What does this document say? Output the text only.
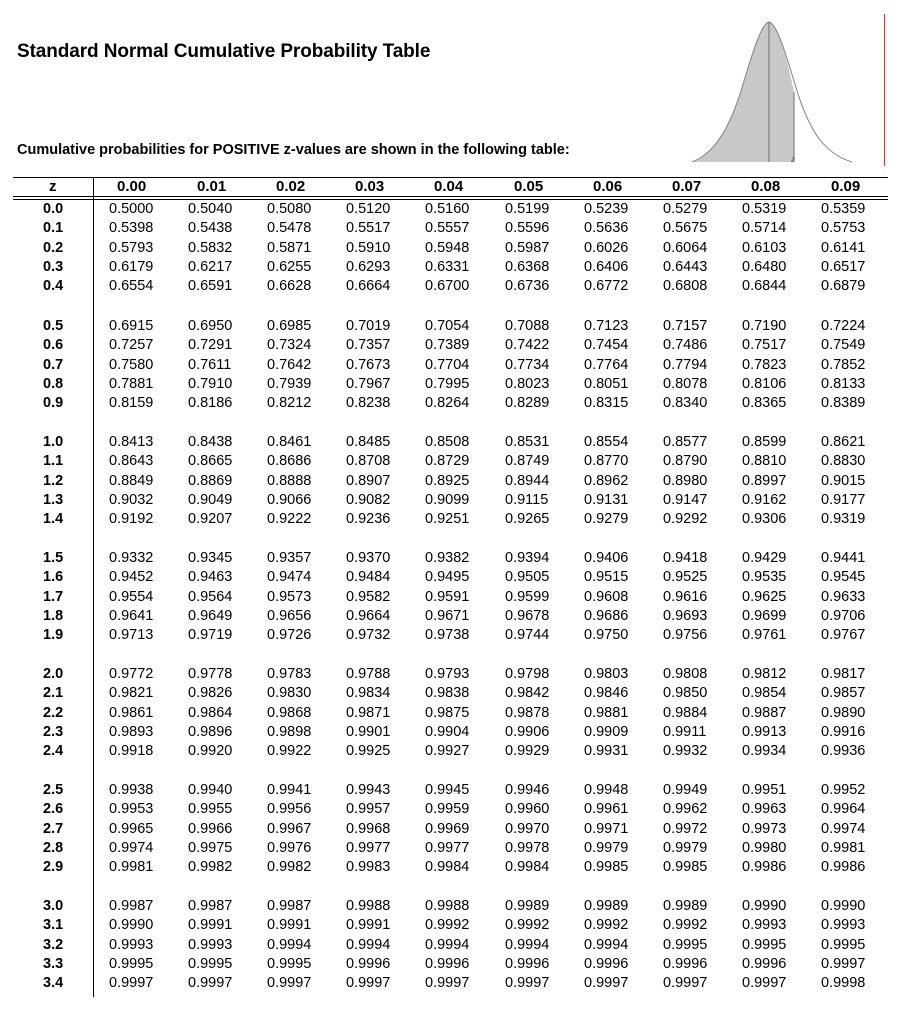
Standard Normal Cumulative Probability Table
z
Cumulative probabilities for POSITIVE z-values are shown in the following table:
z	0.00	0.01	0.02	0.03	0.04	0.05	0.06	0.07	0.08	0.09
0.0	0.5000 0.5040 0.5080 0.5120 0.5160 0.5199 0.5239 0.5279 0.5319 0.5359
0.1	0.5398 0.5438 0.5478 0.5517 0.5557 0.5596 0.5636 0.5675 0.5714 0.5753
0.2	0.5793 0.5832 0.5871 0.5910 0.5948 0.5987 0.6026 0.6064 0.6103 0.6141
0.3	0.6179 0.6217 0.6255 0.6293 0.6331 0.6368 0.6406 0.6443 0.6480 0.6517
0.4	0.6554 0.6591 0.6628 0.6664 0.6700 0.6736 0.6772 0.6808 0.6844 0.6879
0.5	0.6915 0.6950 0.6985 0.7019 0.7054 0.7088 0.7123 0.7157 0.7190 0.7224
0.6	0.7257 0.7291 0.7324 0.7357 0.7389 0.7422 0.7454 0.7486 0.7517 0.7549
0.7	0.7580 0.7611 0.7642 0.7673 0.7704 0.7734 0.7764 0.7794 0.7823 0.7852
0.8	0.7881 0.7910 0.7939 0.7967 0.7995 0.8023 0.8051 0.8078 0.8106 0.8133
0.9	0.8159 0.8186 0.8212 0.8238 0.8264 0.8289 0.8315 0.8340 0.8365 0.8389
1.0	0.8413 0.8438 0.8461 0.8485 0.8508 0.8531 0.8554 0.8577 0.8599 0.8621
1.1	0.8643 0.8665 0.8686 0.8708 0.8729 0.8749 0.8770 0.8790 0.8810 0.8830
1.2	0.8849 0.8869 0.8888 0.8907 0.8925 0.8944 0.8962 0.8980 0.8997 0.9015
1.3	0.9032 0.9049 0.9066 0.9082 0.9099 0.9115 0.9131 0.9147 0.9162 0.9177
1.4	0.9192 0.9207 0.9222 0.9236 0.9251 0.9265 0.9279 0.9292 0.9306 0.9319
1.5	0.9332 0.9345 0.9357 0.9370 0.9382 0.9394 0.9406 0.9418 0.9429 0.9441
1.6	0.9452 0.9463 0.9474 0.9484 0.9495 0.9505 0.9515 0.9525 0.9535 0.9545
1.7	0.9554 0.9564 0.9573 0.9582 0.9591 0.9599 0.9608 0.9616 0.9625 0.9633
1.8	0.9641 0.9649 0.9656 0.9664 0.9671 0.9678 0.9686 0.9693 0.9699 0.9706
1.9	0.9713 0.9719 0.9726 0.9732 0.9738 0.9744 0.9750 0.9756 0.9761 0.9767
2.0	0.9772 0.9778 0.9783 0.9788 0.9793 0.9798 0.9803 0.9808 0.9812 0.9817
2.1	0.9821 0.9826 0.9830 0.9834 0.9838 0.9842 0.9846 0.9850 0.9854 0.9857
2.2	0.9861 0.9864 0.9868 0.9871 0.9875 0.9878 0.9881 0.9884 0.9887 0.9890
2.3	0.9893 0.9896 0.9898 0.9901 0.9904 0.9906 0.9909 0.9911 0.9913 0.9916
2.4	0.9918 0.9920 0.9922 0.9925 0.9927 0.9929 0.9931 0.9932 0.9934 0.9936
2.5	0.9938 0.9940 0.9941 0.9943 0.9945 0.9946 0.9948 0.9949 0.9951 0.9952
2.6	0.9953 0.9955 0.9956 0.9957 0.9959 0.9960 0.9961 0.9962 0.9963 0.9964
2.7	0.9965 0.9966 0.9967 0.9968 0.9969 0.9970 0.9971 0.9972 0.9973 0.9974
2.8	0.9974 0.9975 0.9976 0.9977 0.9977 0.9978 0.9979 0.9979 0.9980 0.9981
2.9	0.9981 0.9982 0.9982 0.9983 0.9984 0.9984 0.9985 0.9985 0.9986 0.9986
3.0	0.9987 0.9987 0.9987 0.9988 0.9988 0.9989 0.9989 0.9989 0.9990 0.9990
3.1	0.9990 0.9991 0.9991 0.9991 0.9992 0.9992 0.9992 0.9992 0.9993 0.9993
3.2	0.9993 0.9993 0.9994 0.9994 0.9994 0.9994 0.9994 0.9995 0.9995 0.9995
3.3	0.9995 0.9995 0.9995 0.9996 0.9996 0.9996 0.9996 0.9996 0.9996 0.9997
3.4	0.9997 0.9997 0.9997 0.9997 0.9997 0.9997 0.9997 0.9997 0.9997 0.9998
